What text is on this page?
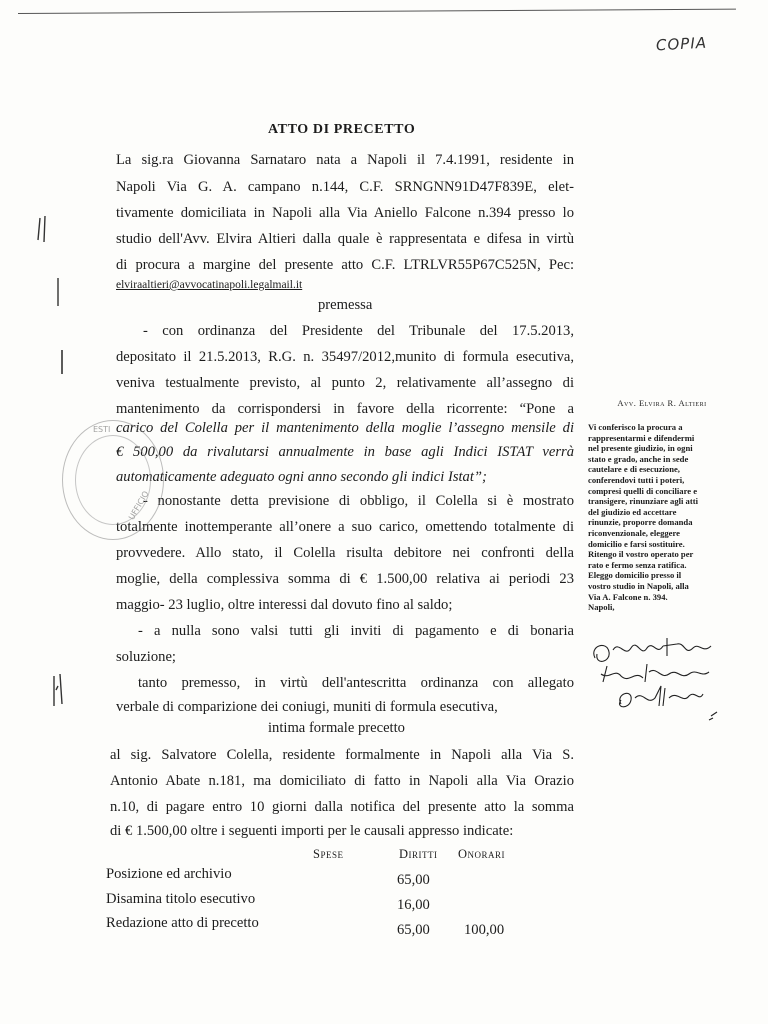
COPIA
ATTO DI PRECETTO
La sig.ra Giovanna Sarnataro nata a Napoli il 7.4.1991, residente in
Napoli Via G. A. campano n.144, C.F. SRNGNN91D47F839E, elet-
tivamente domiciliata in Napoli alla Via Aniello Falcone n.394 presso lo
studio dell'Avv. Elvira Altieri dalla quale è rappresentata e difesa in virtù
di procura a margine del presente atto C.F. LTRLVR55P67C525N, Pec:
elviraaltieri@avvocatinapoli.legalmail.it
premessa
- con ordinanza del Presidente del Tribunale del 17.5.2013,
depositato il 21.5.2013, R.G. n. 35497/2012,munito di formula esecutiva,
veniva testualmente previsto, al punto 2, relativamente all’assegno di
mantenimento da corrispondersi in favore della ricorrente: “Pone a
carico del Colella per il mantenimento della moglie l’assegno mensile di
€ 500,00 da rivalutarsi annualmente in base agli Indici ISTAT verrà
automaticamente adeguato ogni anno secondo gli indici Istat”;
- nonostante detta previsione di obbligo, il Colella si è mostrato
totalmente inottemperante all’onere a suo carico, omettendo totalmente di
provvedere. Allo stato, il Colella risulta debitore nei confronti della
moglie, della complessiva somma di € 1.500,00 relativa ai periodi 23
maggio- 23 luglio, oltre interessi dal dovuto fino al saldo;
- a nulla sono valsi tutti gli inviti di pagamento e di bonaria
soluzione;
tanto premesso, in virtù dell'antescritta ordinanza con allegato
verbale di comparizione dei coniugi, muniti di formula esecutiva,
intima formale precetto
al sig. Salvatore Colella, residente formalmente in Napoli alla Via S.
Antonio Abate n.181, ma domiciliato di fatto in Napoli alla Via Orazio
n.10, di pagare entro 10 giorni dalla notifica del presente atto la somma
di € 1.500,00 oltre i seguenti importi per le causali appresso indicate:
Spese	Diritti Onorari
Posizione ed archivio	65,00
Disamina titolo esecutivo	16,00
Redazione atto di precetto	65,00 100,00
ESTI
UFFICIO
Avv. Elvira R. Altieri
Vi conferisco la procura a
rappresentarmi e difendermi
nel presente giudizio, in ogni
stato e grado, anche in sede
cautelare e di esecuzione,
conferendovi tutti i poteri,
compresi quelli di conciliare e
transigere, rinunziare agli atti
del giudizio ed accettare
rinunzie, proporre domanda
riconvenzionale, eleggere
domicilio e farsi sostituire.
Ritengo il vostro operato per
rato e fermo senza ratifica.
Eleggo domicilio presso il
vostro studio in Napoli, alla
Via A. Falcone n. 394.
Napoli,
